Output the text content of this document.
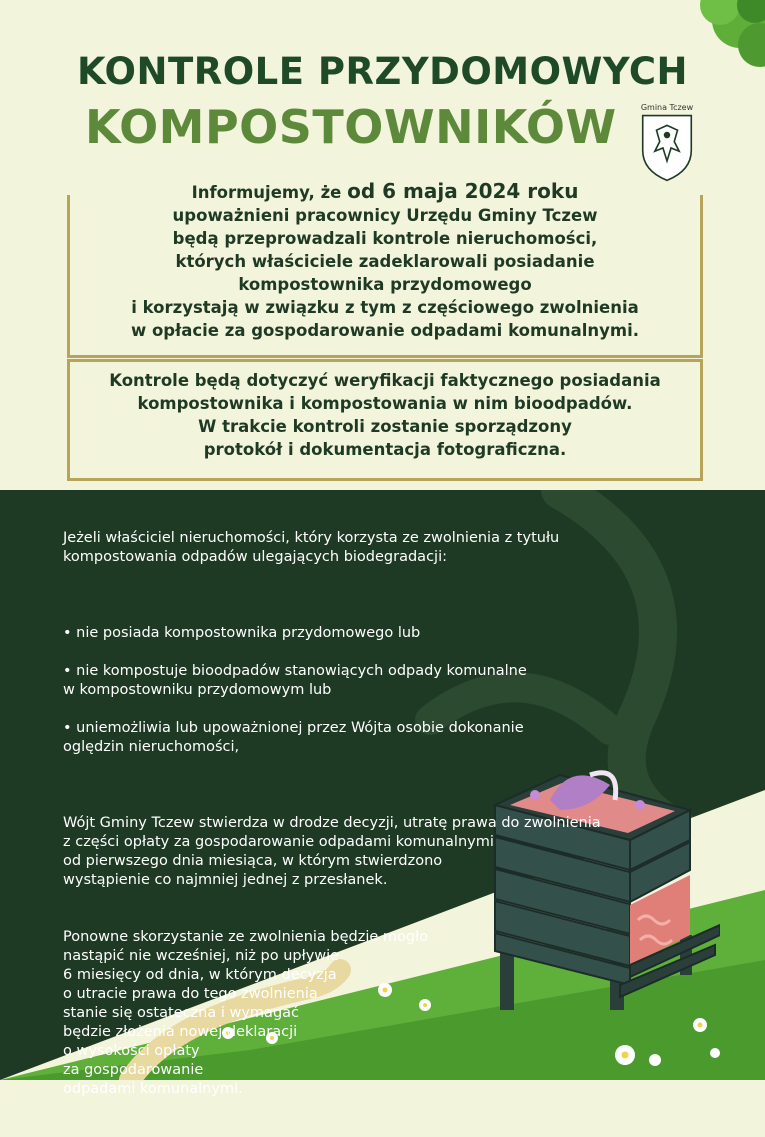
KONTROLE PRZYDOMOWYCH
KOMPOSTOWNIKÓW	Gmina Tczew
Informujemy, że od 6 maja 2024 roku
upoważnieni pracownicy Urzędu Gminy Tczew
będą przeprowadzali kontrole nieruchomości,
których właściciele zadeklarowali posiadanie
kompostownika przydomowego
i korzystają w związku z tym z częściowego zwolnienia
w opłacie za gospodarowanie odpadami komunalnymi.
Kontrole będą dotyczyć weryfikacji faktycznego posiadania
kompostownika i kompostowania w nim bioodpadów.
W trakcie kontroli zostanie sporządzony
protokół i dokumentacja fotograficzna.

Jeżeli właściciel nieruchomości, który korzysta ze zwolnienia z tytułu
kompostowania odpadów ulegających biodegradacji:

• nie posiada kompostownika przydomowego lub

• nie kompostuje bioodpadów stanowiących odpady komunalne
w kompostowniku przydomowym lub

• uniemożliwia lub upoważnionej przez Wójta osobie dokonanie
oględzin nieruchomości,

Wójt Gminy Tczew stwierdza w drodze decyzji, utratę prawa do zwolnienia
z części opłaty za gospodarowanie odpadami komunalnymi
od pierwszego dnia miesiąca, w którym stwierdzono
wystąpienie co najmniej jednej z przesłanek.

Ponowne skorzystanie ze zwolnienia będzie mogło
nastąpić nie wcześniej, niż po upływie
6 miesięcy od dnia, w którym decyzja
o utracie prawa do tego zwolnienia
stanie się ostateczna i wymagać
będzie złożenia nowej deklaracji
o wysokości opłaty
za gospodarowanie
odpadami komunalnymi.
